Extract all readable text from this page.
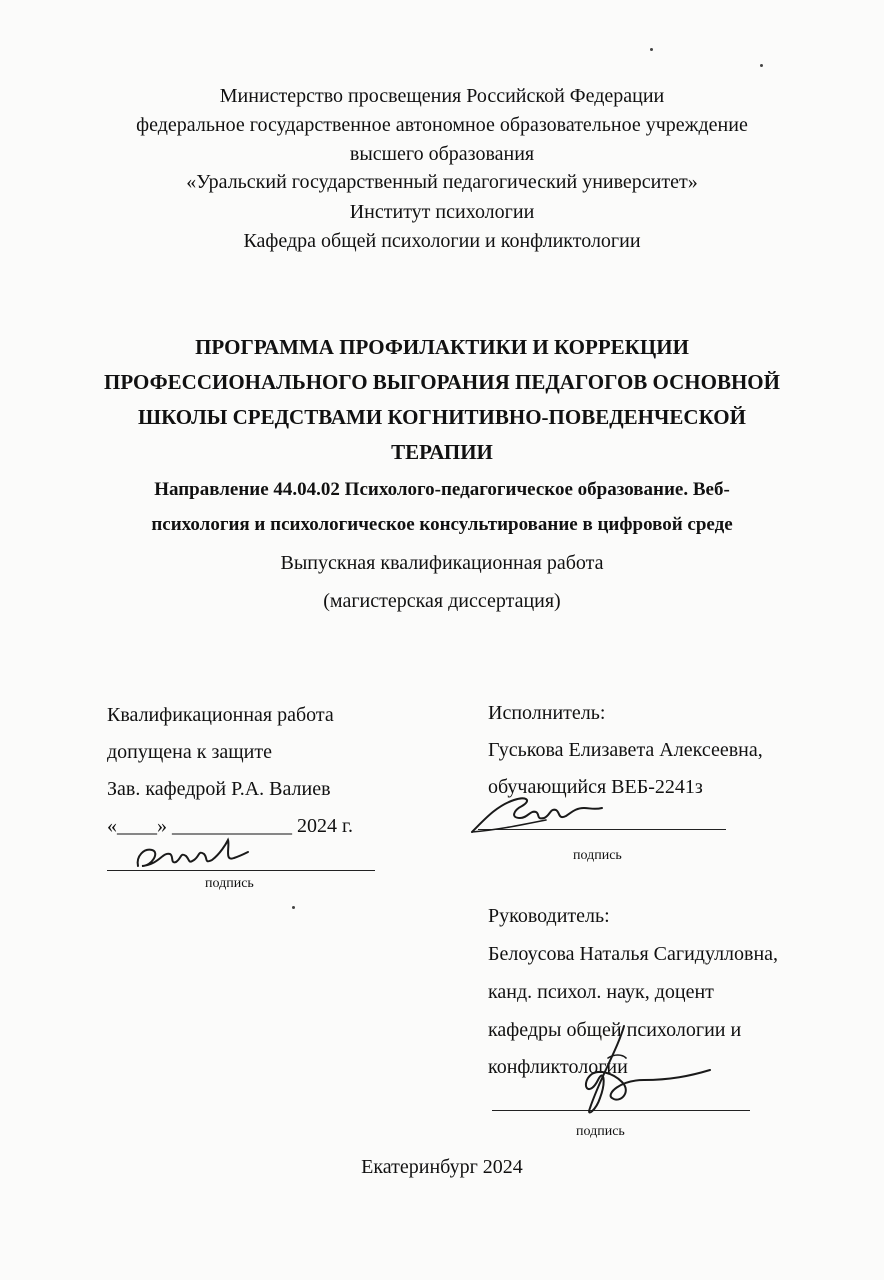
Министерство просвещения Российской Федерации
федеральное государственное автономное образовательное учреждение
высшего образования
«Уральский государственный педагогический университет»
Институт психологии
Кафедра общей психологии и конфликтологии
ПРОГРАММА ПРОФИЛАКТИКИ И КОРРЕКЦИИ
ПРОФЕССИОНАЛЬНОГО ВЫГОРАНИЯ ПЕДАГОГОВ ОСНОВНОЙ
ШКОЛЫ СРЕДСТВАМИ КОГНИТИВНО-ПОВЕДЕНЧЕСКОЙ
ТЕРАПИИ
Направление 44.04.02 Психолого-педагогическое образование. Веб-
психология и психологическое консультирование в цифровой среде
Выпускная квалификационная работа
(магистерская диссертация)
Квалификационная работа
допущена к защите
Зав. кафедрой Р.А. Валиев
«____» ____________ 2024 г.
подпись
Исполнитель:
Гуськова Елизавета Алексеевна,
обучающийся ВЕБ-2241з
подпись
Руководитель:
Белоусова Наталья Сагидулловна,
канд. психол. наук, доцент
кафедры общей психологии и
конфликтологии
подпись
Екатеринбург 2024
